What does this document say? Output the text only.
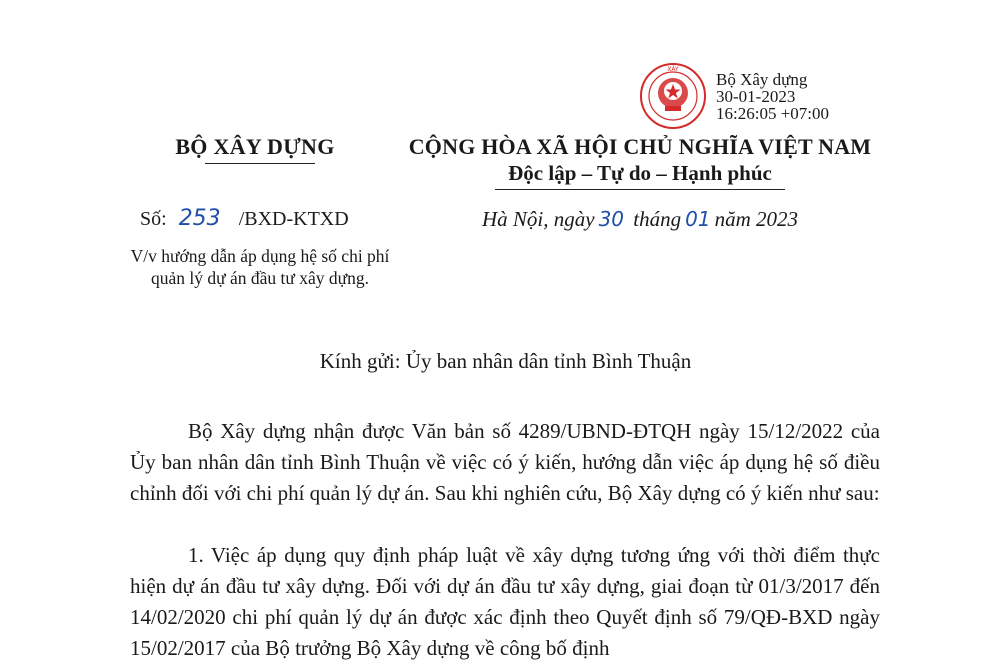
XÂY
Bộ Xây dựng
30-01-2023
16:26:05 +07:00
BỘ XÂY DỰNG
Số: 253 /BXD-KTXD
V/v hướng dẫn áp dụng hệ số chi phí quản lý dự án đầu tư xây dựng.
CỘNG HÒA XÃ HỘI CHỦ NGHĨA VIỆT NAM
Độc lập – Tự do – Hạnh phúc
Hà Nội, ngày 30 tháng 01 năm 2023
Kính gửi: Ủy ban nhân dân tỉnh Bình Thuận
Bộ Xây dựng nhận được Văn bản số 4289/UBND-ĐTQH ngày 15/12/2022 của Ủy ban nhân dân tỉnh Bình Thuận về việc có ý kiến, hướng dẫn việc áp dụng hệ số điều chỉnh đối với chi phí quản lý dự án. Sau khi nghiên cứu, Bộ Xây dựng có ý kiến như sau:
1. Việc áp dụng quy định pháp luật về xây dựng tương ứng với thời điểm thực hiện dự án đầu tư xây dựng. Đối với dự án đầu tư xây dựng, giai đoạn từ 01/3/2017 đến 14/02/2020 chi phí quản lý dự án được xác định theo Quyết định số 79/QĐ-BXD ngày 15/02/2017 của Bộ trưởng Bộ Xây dựng về công bố định
